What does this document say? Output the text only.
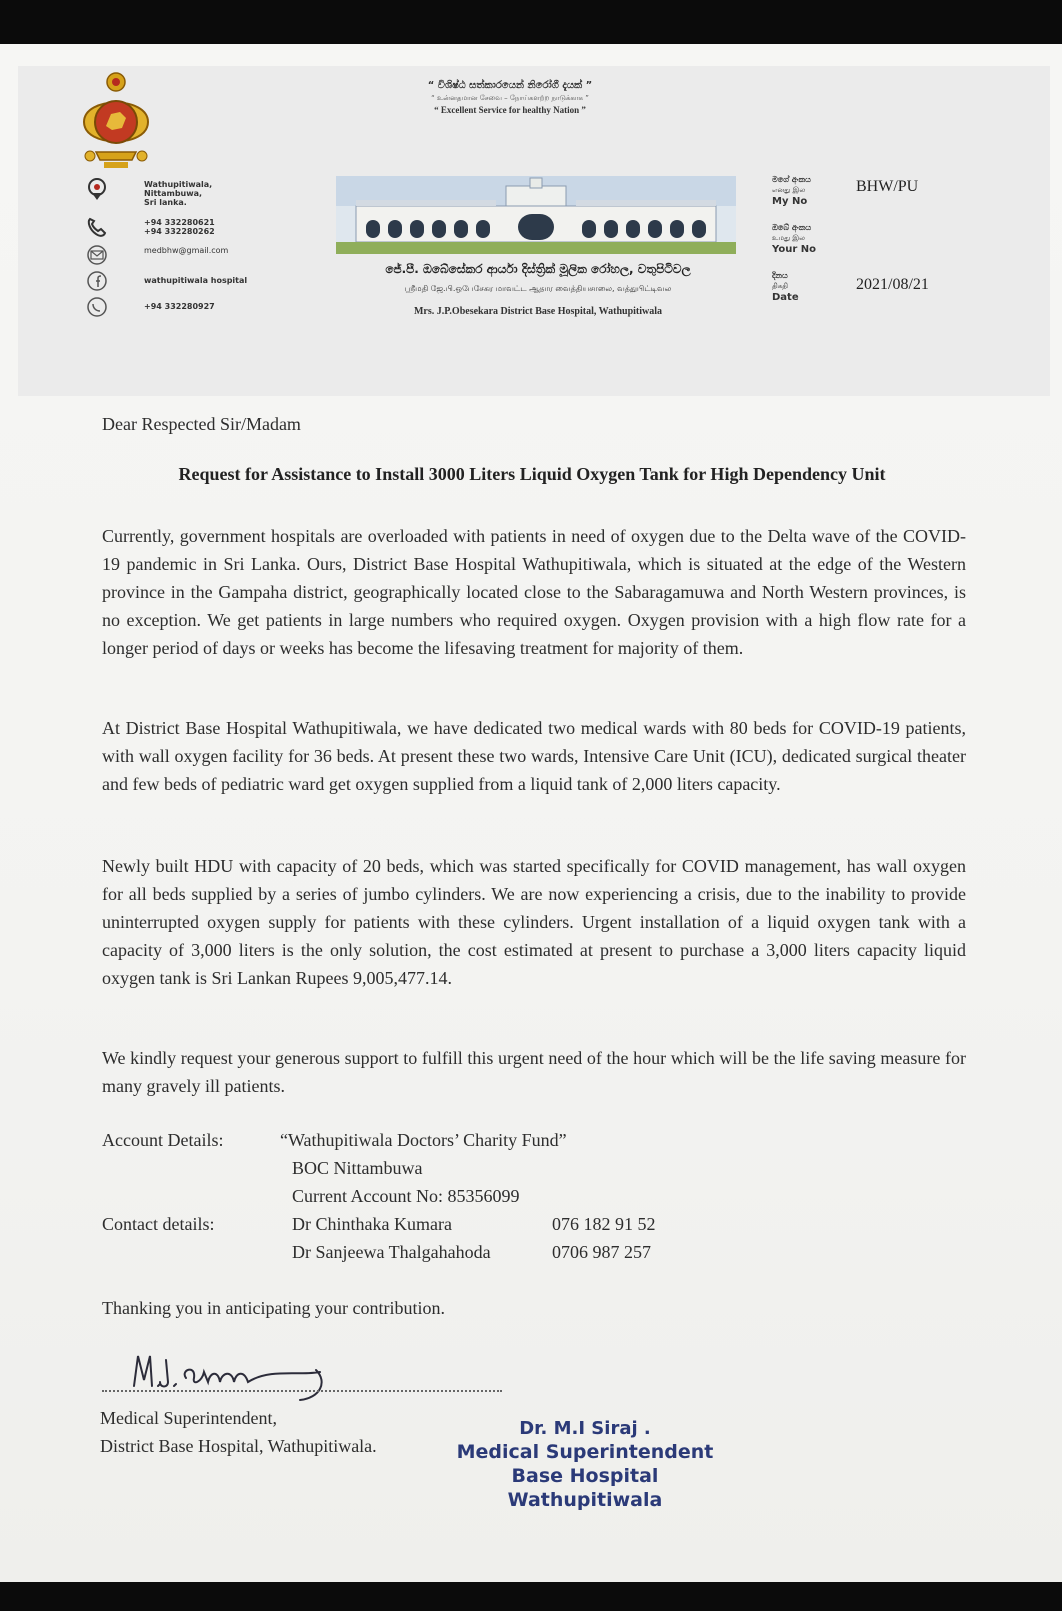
“ විශිෂ්ඨ සත්කාරයෙන් නිරෝගී දැයක් ”
“ உன்னதமான சேவை – நோய்களற்ற நாடுக்காக ”
“ Excellent Service for healthy Nation ”
Wathupitiwala,
Nittambuwa,
Sri lanka.
+94 332280621
+94 332280262
medbhw@gmail.com
wathupitiwala hospital
+94 332280927
ජේ.පී. ඔබේසේකර ආර්යා දිස්ත්‍රික් මූලික රෝහල, වතුපිටිවල
ஶ்ரீமதி ஜே.பி.ஒபேசேகர மாவட்ட ஆதார வைத்தியசாலை, வத்துபிட்டிவல
Mrs. J.P.Obesekara District Base Hospital, Wathupitiwala
මගේ අංකය
எனது இல
My No
BHW/PU
ඔබේ අංකය
உமது இல
Your No
දිනය
திகதி
Date
2021/08/21
Dear Respected Sir/Madam
Request for Assistance to Install 3000 Liters Liquid Oxygen Tank for High Dependency Unit

Currently, government hospitals are overloaded with patients in need of oxygen due to the Delta wave of the COVID-19 pandemic in Sri Lanka. Ours, District Base Hospital Wathupitiwala, which is situated at the edge of the Western province in the Gampaha district, geographically located close to the Sabaragamuwa and North Western provinces, is no exception. We get patients in large numbers who required oxygen. Oxygen provision with a high flow rate for a longer period of days or weeks has become the lifesaving treatment for majority of them.

At District Base Hospital Wathupitiwala, we have dedicated two medical wards with 80 beds for COVID-19 patients, with wall oxygen facility for 36 beds. At present these two wards, Intensive Care Unit (ICU), dedicated surgical theater and few beds of pediatric ward get oxygen supplied from a liquid tank of 2,000 liters capacity.

Newly built HDU with capacity of 20 beds, which was started specifically for COVID management, has wall oxygen for all beds supplied by a series of jumbo cylinders. We are now experiencing a crisis, due to the inability to provide uninterrupted oxygen supply for patients with these cylinders. Urgent installation of a liquid oxygen tank with a capacity of 3,000 liters is the only solution, the cost estimated at present to purchase a 3,000 liters capacity liquid oxygen tank is Sri Lankan Rupees 9,005,477.14.

We kindly request your generous support to fulfill this urgent need of the hour which will be the life saving measure for many gravely ill patients.

Account Details:	“Wathupitiwala Doctors’ Charity Fund”
BOC Nittambuwa
Current Account No: 85356099
Contact details:	Dr Chinthaka Kumara	076 182 91 52
Dr Sanjeewa Thalgahahoda	0706 987 257
Thanking you in anticipating your contribution.
Medical Superintendent,
District Base Hospital, Wathupitiwala.
Dr. M.I Siraj .
Medical Superintendent
Base Hospital
Wathupitiwala
